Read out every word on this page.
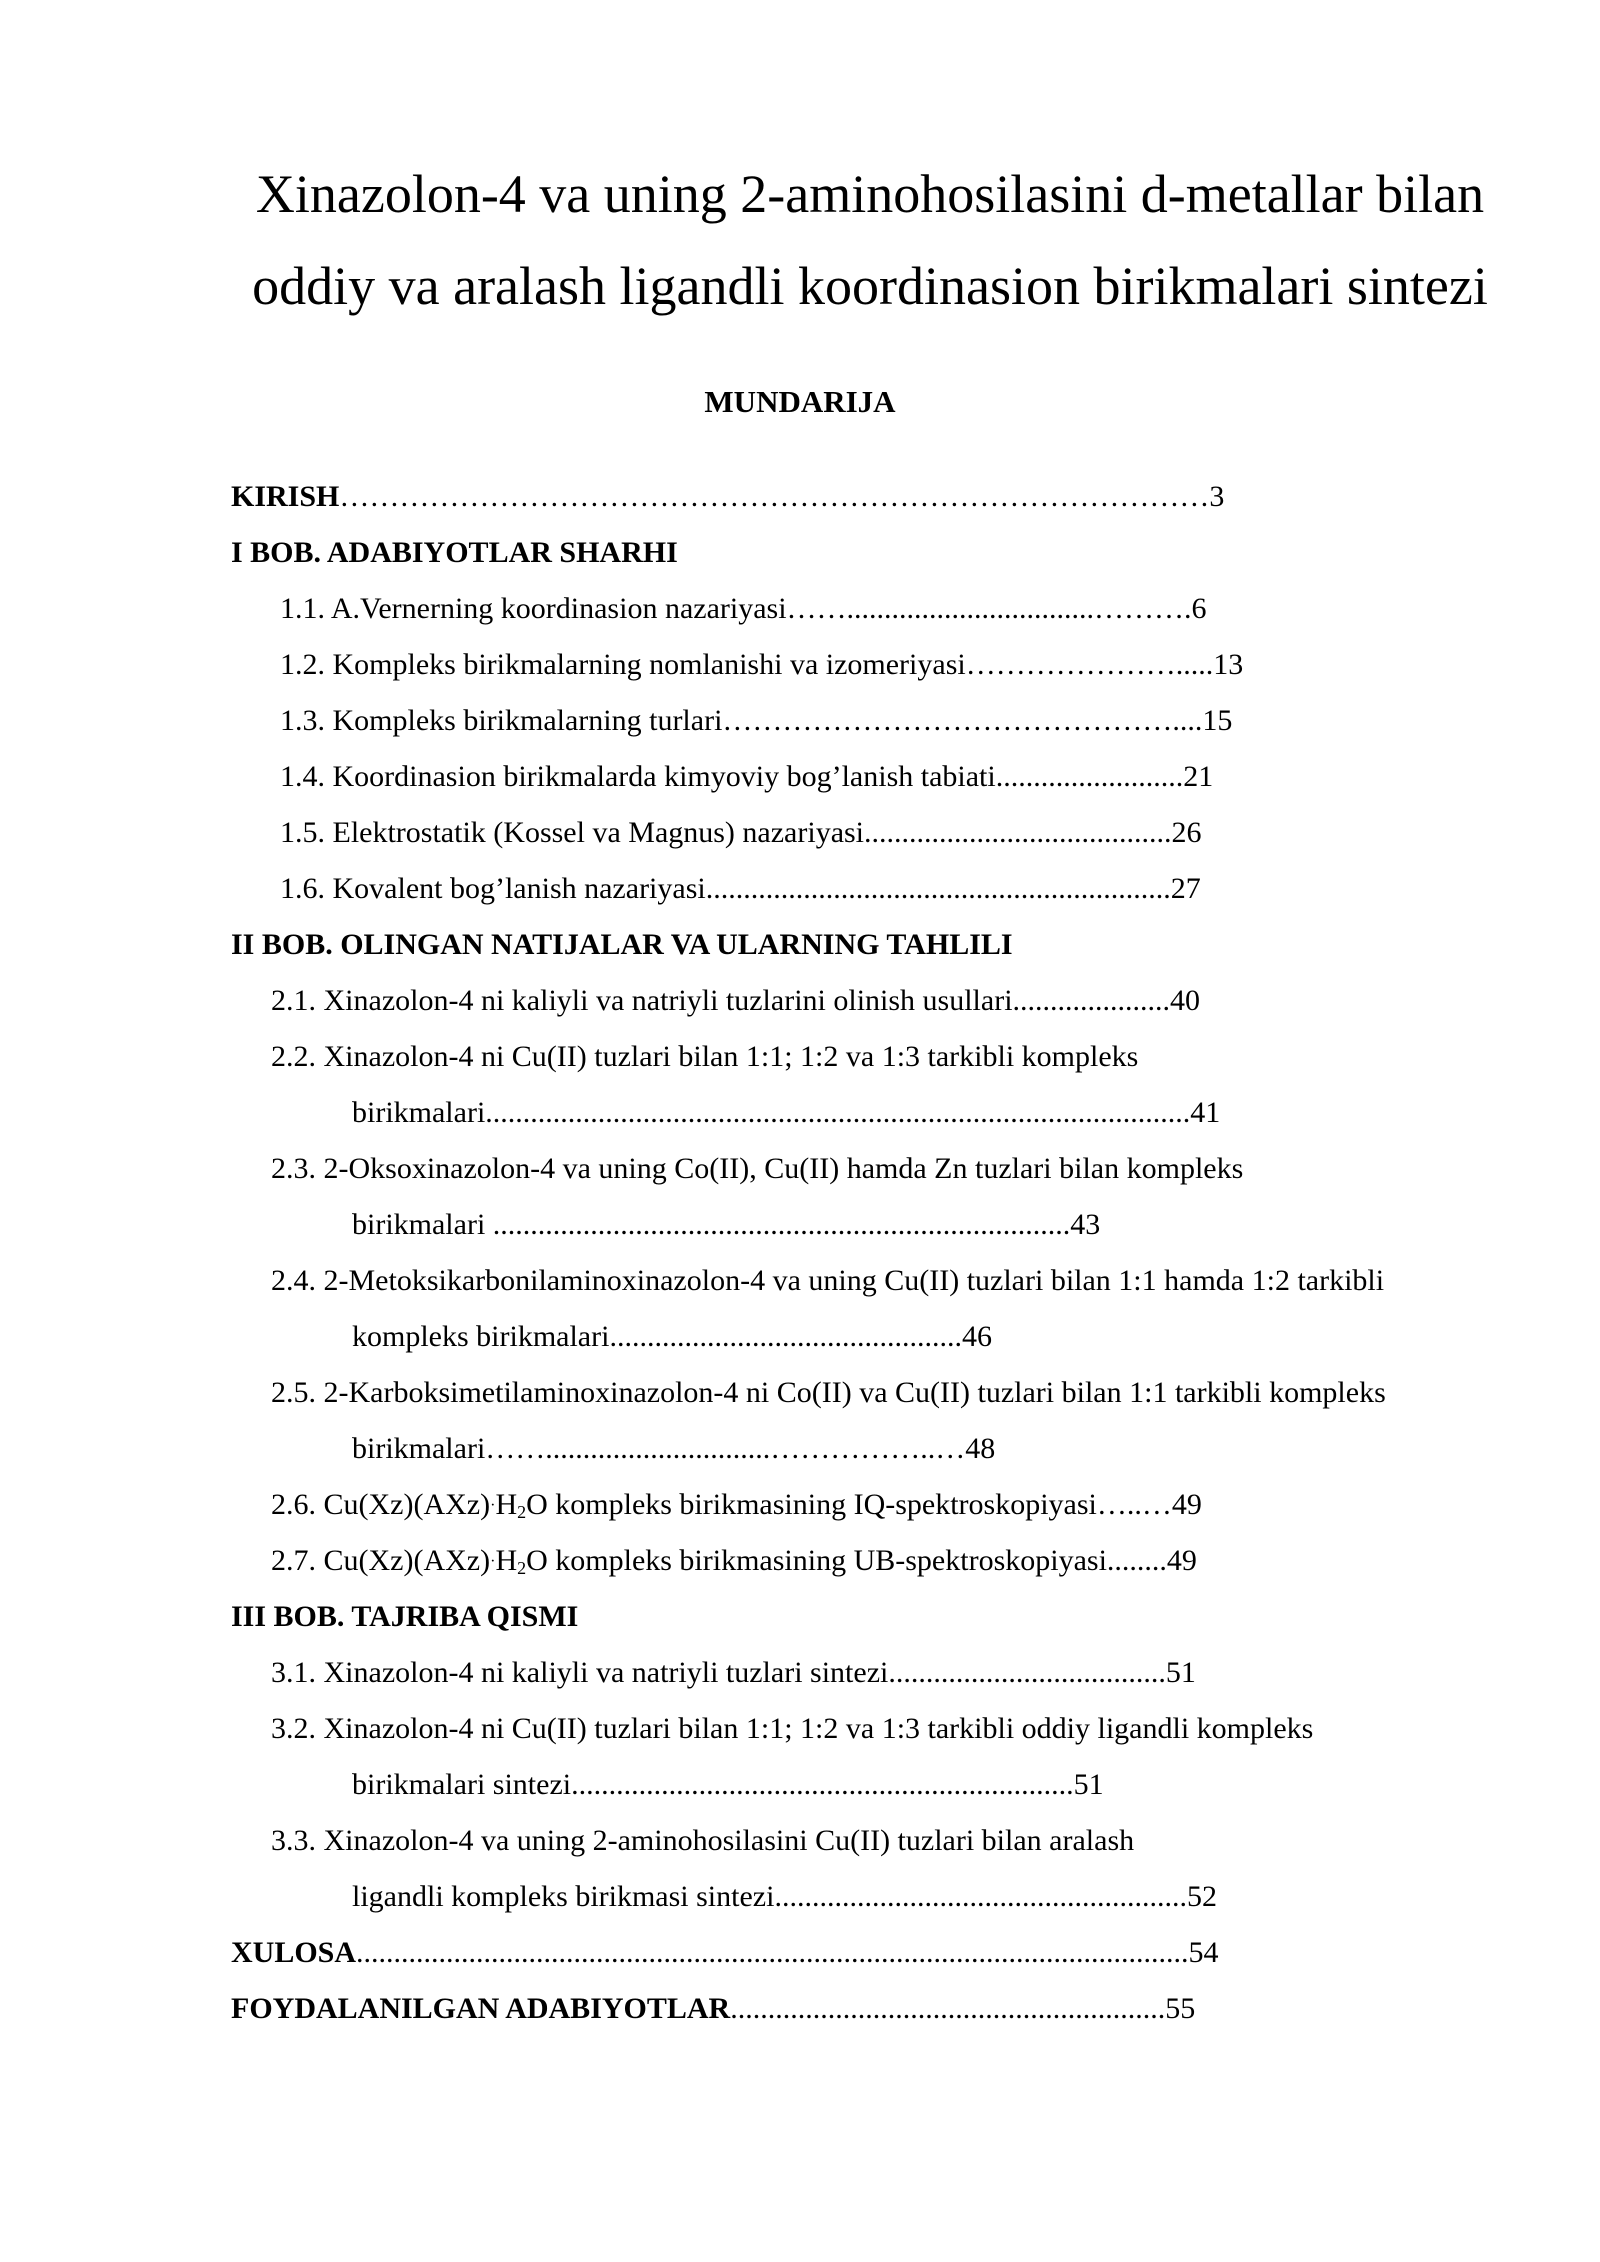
Xinazolon-4 va uning 2-aminohosilasini d-metallar bilan
oddiy va aralash ligandli koordinasion birikmalari sintezi
MUNDARIJA
KIRISH……………………………………………………………………………3
I BOB. ADABIYOTLAR SHARHI
1.1. A.Vernerning koordinasion nazariyasi…….................................……….6
1.2. Kompleks birikmalarning nomlanishi va izomeriyasi………………….....13
1.3. Kompleks birikmalarning turlari………………………………………....15
1.4. Koordinasion birikmalarda kimyoviy bog’lanish tabiati.........................21
1.5. Elektrostatik (Kossel va Magnus) nazariyasi.........................................26
1.6. Kovalent bog’lanish nazariyasi..............................................................27
II BOB. OLINGAN NATIJALAR VA ULARNING TAHLILI
2.1. Xinazolon-4 ni kaliyli va natriyli tuzlarini olinish usullari.....................40
2.2. Xinazolon-4 ni Cu(II) tuzlari bilan 1:1; 1:2 va 1:3 tarkibli kompleks
birikmalari..............................................................................................41
2.3. 2-Oksoxinazolon-4 va uning Co(II), Cu(II) hamda Zn tuzlari bilan kompleks
birikmalari .............................................................................43
2.4. 2-Metoksikarbonilaminoxinazolon-4 va uning Cu(II) tuzlari bilan 1:1 hamda 1:2 tarkibli
kompleks birikmalari...............................................46
2.5. 2-Karboksimetilaminoxinazolon-4 ni Co(II) va Cu(II) tuzlari bilan 1:1 tarkibli kompleks
birikmalari……..............................……………..…48
2.6. $Cu(Xz)(AXz)\cdot H_2O$ kompleks birikmasining IQ-spektroskopiyasi…..…49
2.7. $Cu(Xz)(AXz)\cdot H_2O$ kompleks birikmasining UB-spektroskopiyasi........49
III BOB. TAJRIBA QISMI
3.1. Xinazolon-4 ni kaliyli va natriyli tuzlari sintezi.....................................51
3.2. Xinazolon-4 ni Cu(II) tuzlari bilan 1:1; 1:2 va 1:3 tarkibli oddiy ligandli kompleks
birikmalari sintezi...................................................................51
3.3. Xinazolon-4 va uning 2-aminohosilasini Cu(II) tuzlari bilan aralash
ligandli kompleks birikmasi sintezi.......................................................52
XULOSA...............................................................................................................54
FOYDALANILGAN ADABIYOTLAR..........................................................55
